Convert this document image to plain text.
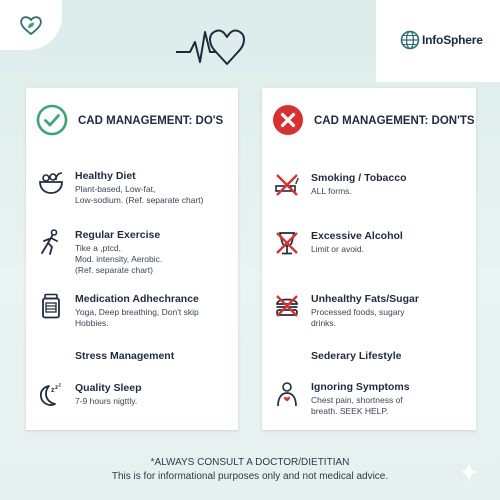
InfoSphere
CAD MANAGEMENT: DO'S
Healthy Diet
Plant-based, Low-fat,
Low-sodium. (Ref. separate chart)
Regular Exercise
Tike a ,ptcd,
Mod. intensity, Aerobic.
(Ref. separate chart)
Medication Adhechrance
Yoga, Deep breathing, Don't skip
Hobbies.
Stress Management
z z z Quality Sleep
7-9 hours nigttly.
CAD MANAGEMENT: DON'TS
Smoking / Tobacco
ALL forms.
Excessive Alcohol
Limit or avoid.
Unhealthy Fats/Sugar
Processed foods, sugary
drinks.
Sederary Lifestyle
Ignoring Symptoms
Chest pain, shortness of
breath. SEEK HELP.
*ALWAYS CONSULT A DOCTOR/DIETITIAN
This is for informational purposes only and not medical advice.
